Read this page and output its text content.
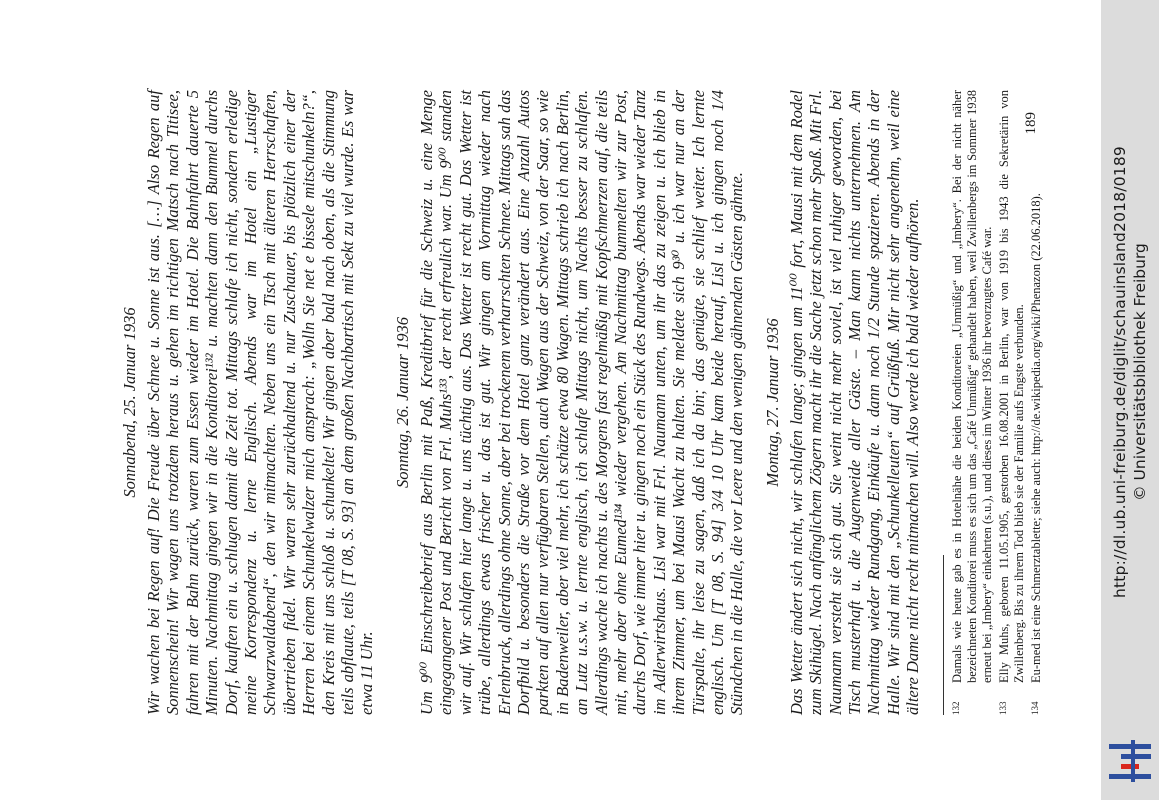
Sonnabend, 25. Januar 1936 Wir wachen bei Regen auf! Die Freude über Schnee u. Sonne ist aus. […] Also Regen auf Sonnenschein! Wir wagen uns trotzdem heraus u. gehen im richtigen Matsch nach Titisee, fahren mit der Bahn zurück, waren zum Essen wieder im Hotel. Die Bahnfahrt dauerte 5 Minuten. Nachmittag gingen wir in die Konditorei¹³² u. machten dann den Bummel durchs Dorf, kauften ein u. schlugen damit die Zeit tot. Mittags schlafe ich nicht, sondern erledige meine Korrespondenz u. lerne Englisch. Abends war im Hotel ein „Lustiger Schwarzwaldabend“, den wir mitmachten. Neben uns ein Tisch mit älteren Herrschaften, übertrieben fidel. Wir waren sehr zurückhaltend u. nur Zuschauer, bis plötzlich einer der Herren bei einem Schunkelwalzer mich ansprach: „Wolln Sie net e bissele mitschunkeln?“, den Kreis mit uns schloß u. schunkelte! Wir gingen aber bald nach oben, als die Stimmung teils abflaute, teils [T 08, S. 93] an dem großen Nachbartisch mit Sekt zu viel wurde. Es war etwa 11 Uhr.

Sonntag, 26. Januar 1936 Um 9⁰⁰ Einschreibebrief aus Berlin mit Paß, Kreditbrief für die Schweiz u. eine Menge eingegangener Post und Bericht von Frl. Muhs¹³³, der recht erfreulich war. Um 9⁰⁰ standen wir auf. Wir schlafen hier lange u. uns tüchtig aus. Das Wetter ist recht gut. Das Wetter ist trübe, allerdings etwas frischer u. das ist gut. Wir gingen am Vormittag wieder nach Erlenbruck, allerdings ohne Sonne, aber bei trockenem verharrschten Schnee. Mittags sah das Dorfbild u. besonders die Straße vor dem Hotel ganz verändert aus. Eine Anzahl Autos parkten auf allen nur verfügbaren Stellen, auch Wagen aus der Schweiz, von der Saar, so wie in Badenweiler, aber viel mehr, ich schätze etwa 80 Wagen. Mittags schrieb ich nach Berlin, an Lutz u.s.w. u. lernte englisch, ich schlafe Mittags nicht, um Nachts besser zu schlafen. Allerdings wache ich nachts u. des Morgens fast regelmäßig mit Kopfschmerzen auf, die teils mit, mehr aber ohne Eumed¹³⁴ wieder vergehen. Am Nachmittag bummelten wir zur Post, durchs Dorf, wie immer hier u. gingen noch ein Stück des Rundwegs. Abends war wieder Tanz im Adlerwirtshaus. Lisl war mit Frl. Naumann unten, um ihr das zu zeigen u. ich blieb in ihrem Zimmer, um bei Mausi Wacht zu halten. Sie meldete sich 9³⁰ u. ich war nur an der Türspalte, ihr leise zu sagen, daß ich da bin; das genügte, sie schlief weiter. Ich lernte englisch. Um [T 08, S. 94] 3/4 10 Uhr kam beide herauf, Lisl u. ich gingen noch 1/4 Stündchen in die Halle, die vor Leere und den wenigen gähnenden Gästen gähnte. Montag, 27. Januar 1936 Das Wetter ändert sich nicht, wir schlafen lange; gingen um 11⁰⁰ fort, Mausi mit dem Rodel zum Skihügel. Nach anfänglichem Zögern macht ihr die Sache jetzt schon mehr Spaß. Mit Frl. Naumann versteht sie sich gut. Sie weint nicht mehr soviel, ist viel ruhiger geworden, bei Tisch musterhaft u. die Augenweide aller Gäste. – Man kann nichts unternehmen. Am Nachmittag wieder Rundgang, Einkäufe u. dann noch 1/2 Stunde spazieren. Abends in der Halle. Wir sind mit den „Schunkelleuten“ auf Grüßfuß. Mir nicht sehr angenehm, weil eine ältere Dame nicht recht mitmachen will. Also werde ich bald wieder aufhören.	132
Damals wie heute gab es in Hotelnähe die beiden Konditoreien „Unmüßig“ und „Imbery“. Bei der nicht näher bezeichneten Konditorei muss es sich um das „Café Unmüßig“ gehandelt haben, weil Zwillenbergs im Sommer 1938 erneut bei „Imbery“ einkehrten (s.u.), und dieses im Winter 1936 ihr bevorzugtes Café war.
133
Elly Muhs, geboren 11.05.1905, gestorben 16.08.2001 in Berlin, war von 1919 bis 1943 die Sekretärin von Zwillenberg. Bis zu ihrem Tod blieb sie der Familie aufs Engste verbunden.
134
Eu-med ist eine Schmerztablette; siehe auch: http://de.wikipedia.org/wiki/Phenazon (22.06.2018).
189
http://dl.ub.uni-freiburg.de/diglit/schauinsland2018/0189 © Universitätsbibliothek Freiburg
